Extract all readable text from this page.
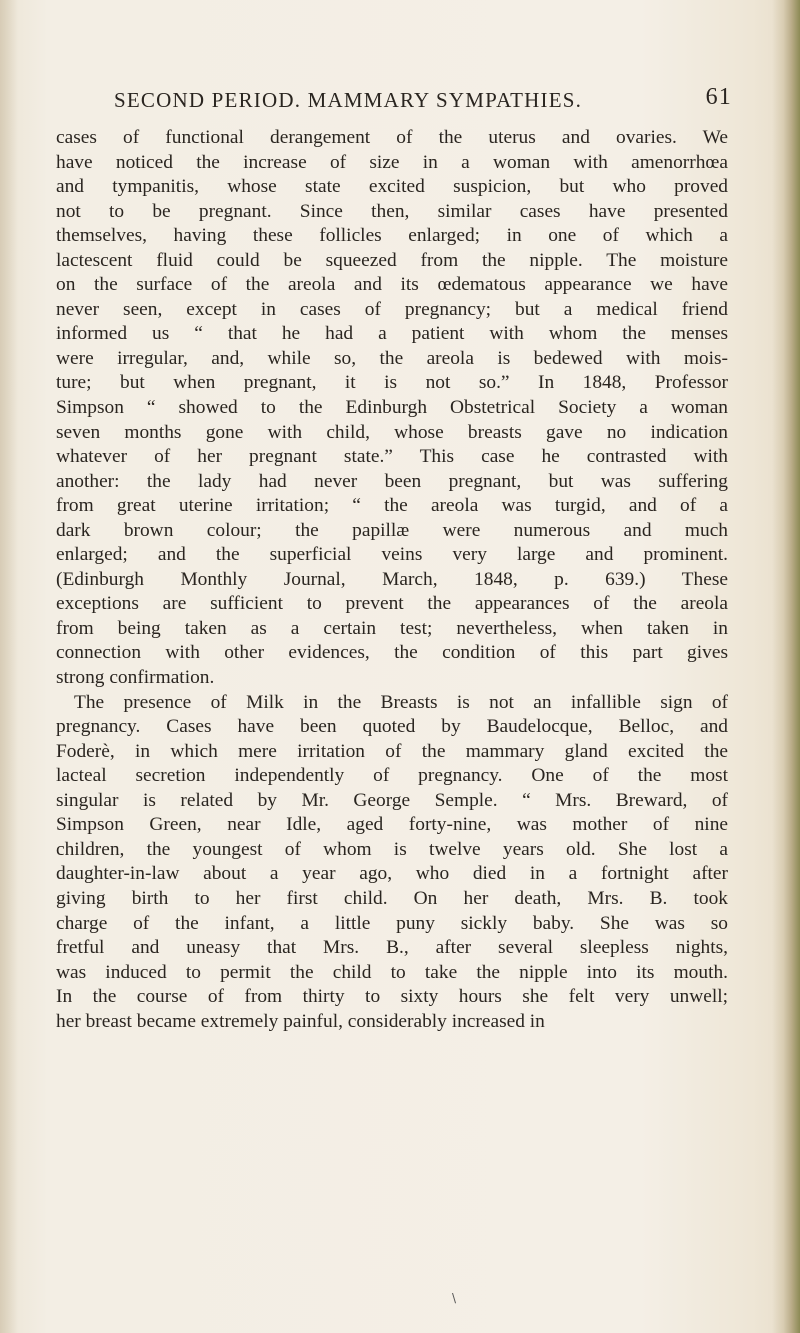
SECOND PERIOD. MAMMARY SYMPATHIES.	61
cases of functional derangement of the uterus and ovaries. We
have noticed the increase of size in a woman with amenorrhœa
and tympanitis, whose state excited suspicion, but who proved
not to be pregnant. Since then, similar cases have presented
themselves, having these follicles enlarged; in one of which a
lactescent fluid could be squeezed from the nipple. The moisture
on the surface of the areola and its œdematous appearance we have
never seen, except in cases of pregnancy; but a medical friend
informed us “ that he had a patient with whom the menses
were irregular, and, while so, the areola is bedewed with mois-
ture; but when pregnant, it is not so.” In 1848, Professor
Simpson “ showed to the Edinburgh Obstetrical Society a woman
seven months gone with child, whose breasts gave no indication
whatever of her pregnant state.” This case he contrasted with
another: the lady had never been pregnant, but was suffering
from great uterine irritation; “ the areola was turgid, and of a
dark brown colour; the papillæ were numerous and much
enlarged; and the superficial veins very large and prominent.
(Edinburgh Monthly Journal, March, 1848, p. 639.) These
exceptions are sufficient to prevent the appearances of the areola
from being taken as a certain test; nevertheless, when taken in
connection with other evidences, the condition of this part gives
strong confirmation.
The presence of Milk in the Breasts is not an infallible sign of
pregnancy. Cases have been quoted by Baudelocque, Belloc, and
Foderè, in which mere irritation of the mammary gland excited the
lacteal secretion independently of pregnancy. One of the most
singular is related by Mr. George Semple. “ Mrs. Breward, of
Simpson Green, near Idle, aged forty-nine, was mother of nine
children, the youngest of whom is twelve years old. She lost a
daughter-in-law about a year ago, who died in a fortnight after
giving birth to her first child. On her death, Mrs. B. took
charge of the infant, a little puny sickly baby. She was so
fretful and uneasy that Mrs. B., after several sleepless nights,
was induced to permit the child to take the nipple into its mouth.
In the course of from thirty to sixty hours she felt very unwell;
her breast became extremely painful, considerably increased in
\
